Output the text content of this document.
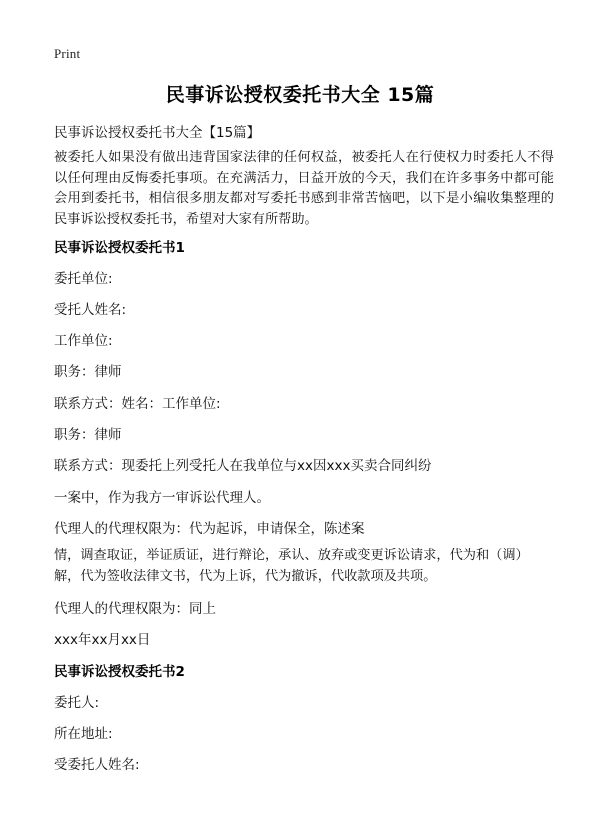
Print
民事诉讼授权委托书大全 15篇
民事诉讼授权委托书大全【15篇】
被委托人如果没有做出违背国家法律的任何权益，被委托人在行使权力时委托人不得以任何理由反悔委托事项。在充满活力，日益开放的今天，我们在许多事务中都可能会用到委托书，相信很多朋友都对写委托书感到非常苦恼吧，以下是小编收集整理的民事诉讼授权委托书，希望对大家有所帮助。
民事诉讼授权委托书1
委托单位:
受托人姓名:
工作单位:
职务：律师
联系方式：姓名：工作单位:
职务：律师
联系方式：现委托上列受托人在我单位与xx因xxx买卖合同纠纷
一案中，作为我方一审诉讼代理人。
代理人的代理权限为：代为起诉，申请保全，陈述案
情，调查取证，举证质证，进行辩论，承认、放弃或变更诉讼请求，代为和（调）解，代为签收法律文书，代为上诉，代为撤诉，代收款项及共项。
代理人的代理权限为：同上
xxx年xx月xx日
民事诉讼授权委托书2
委托人:
所在地址:
受委托人姓名:
